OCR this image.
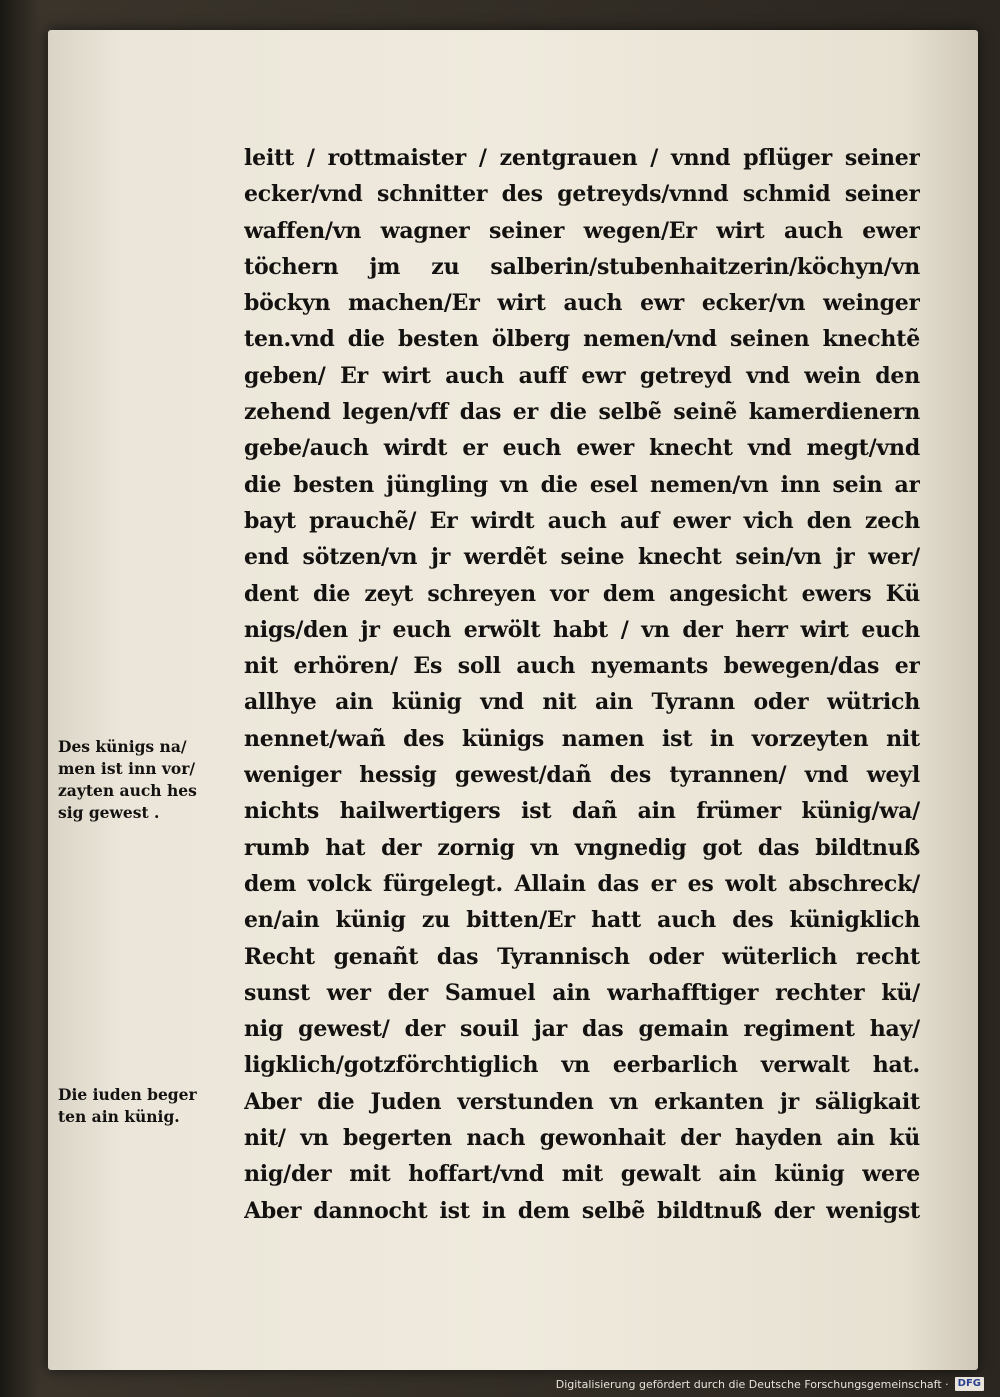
leitt / rottmaister / zentgrauen / vnnd pflüger seiner
ecker/vnd schnitter des getreyds/vnnd schmid seiner
waffen/vn wagner seiner wegen/Er wirt auch ewer
töchern jm zu salberin/stubenhaitzerin/köchyn/vn
böckyn machen/Er wirt auch ewr ecker/vn weinger
ten.vnd die besten ölberg nemen/vnd seinen knechtẽ
geben/ Er wirt auch auff ewr getreyd vnd wein den
zehend legen/vff das er die selbẽ seinẽ kamerdienern
gebe/auch wirdt er euch ewer knecht vnd megt/vnd
die besten jüngling vn die esel nemen/vn inn sein ar
bayt prauchẽ/ Er wirdt auch auf ewer vich den zech
end sötzen/vn jr werdẽt seine knecht sein/vn jr wer/
dent die zeyt schreyen vor dem angesicht ewers Kü
nigs/den jr euch erwölt habt / vn der herr wirt euch
nit erhören/ Es soll auch nyemants bewegen/das er
allhye ain künig vnd nit ain Tyrann oder wütrich
nennet/wañ des künigs namen ist in vorzeyten nit
weniger hessig gewest/dañ des tyrannen/ vnd weyl
nichts hailwertigers ist dañ ain frümer künig/wa/
rumb hat der zornig vn vngnedig got das bildtnuß
dem volck fürgelegt. Allain das er es wolt abschreck/
en/ain künig zu bitten/Er hatt auch des künigklich
Recht genañt das Tyrannisch oder wüterlich recht
sunst wer der Samuel ain warhafftiger rechter kü/
nig gewest/ der souil jar das gemain regiment hay/
ligklich/gotzförchtiglich vn eerbarlich verwalt hat.
Aber die Juden verstunden vn erkanten jr säligkait
nit/ vn begerten nach gewonhait der hayden ain kü
nig/der mit hoffart/vnd mit gewalt ain künig were
Aber dannocht ist in dem selbẽ bildtnuß der wenigst
Des künigs na/
men ist inn vor/
zayten auch hes
sig gewest .
Die iuden beger
ten ain künig.
Digitalisierung gefördert durch die Deutsche Forschungsgemeinschaft · DFG
